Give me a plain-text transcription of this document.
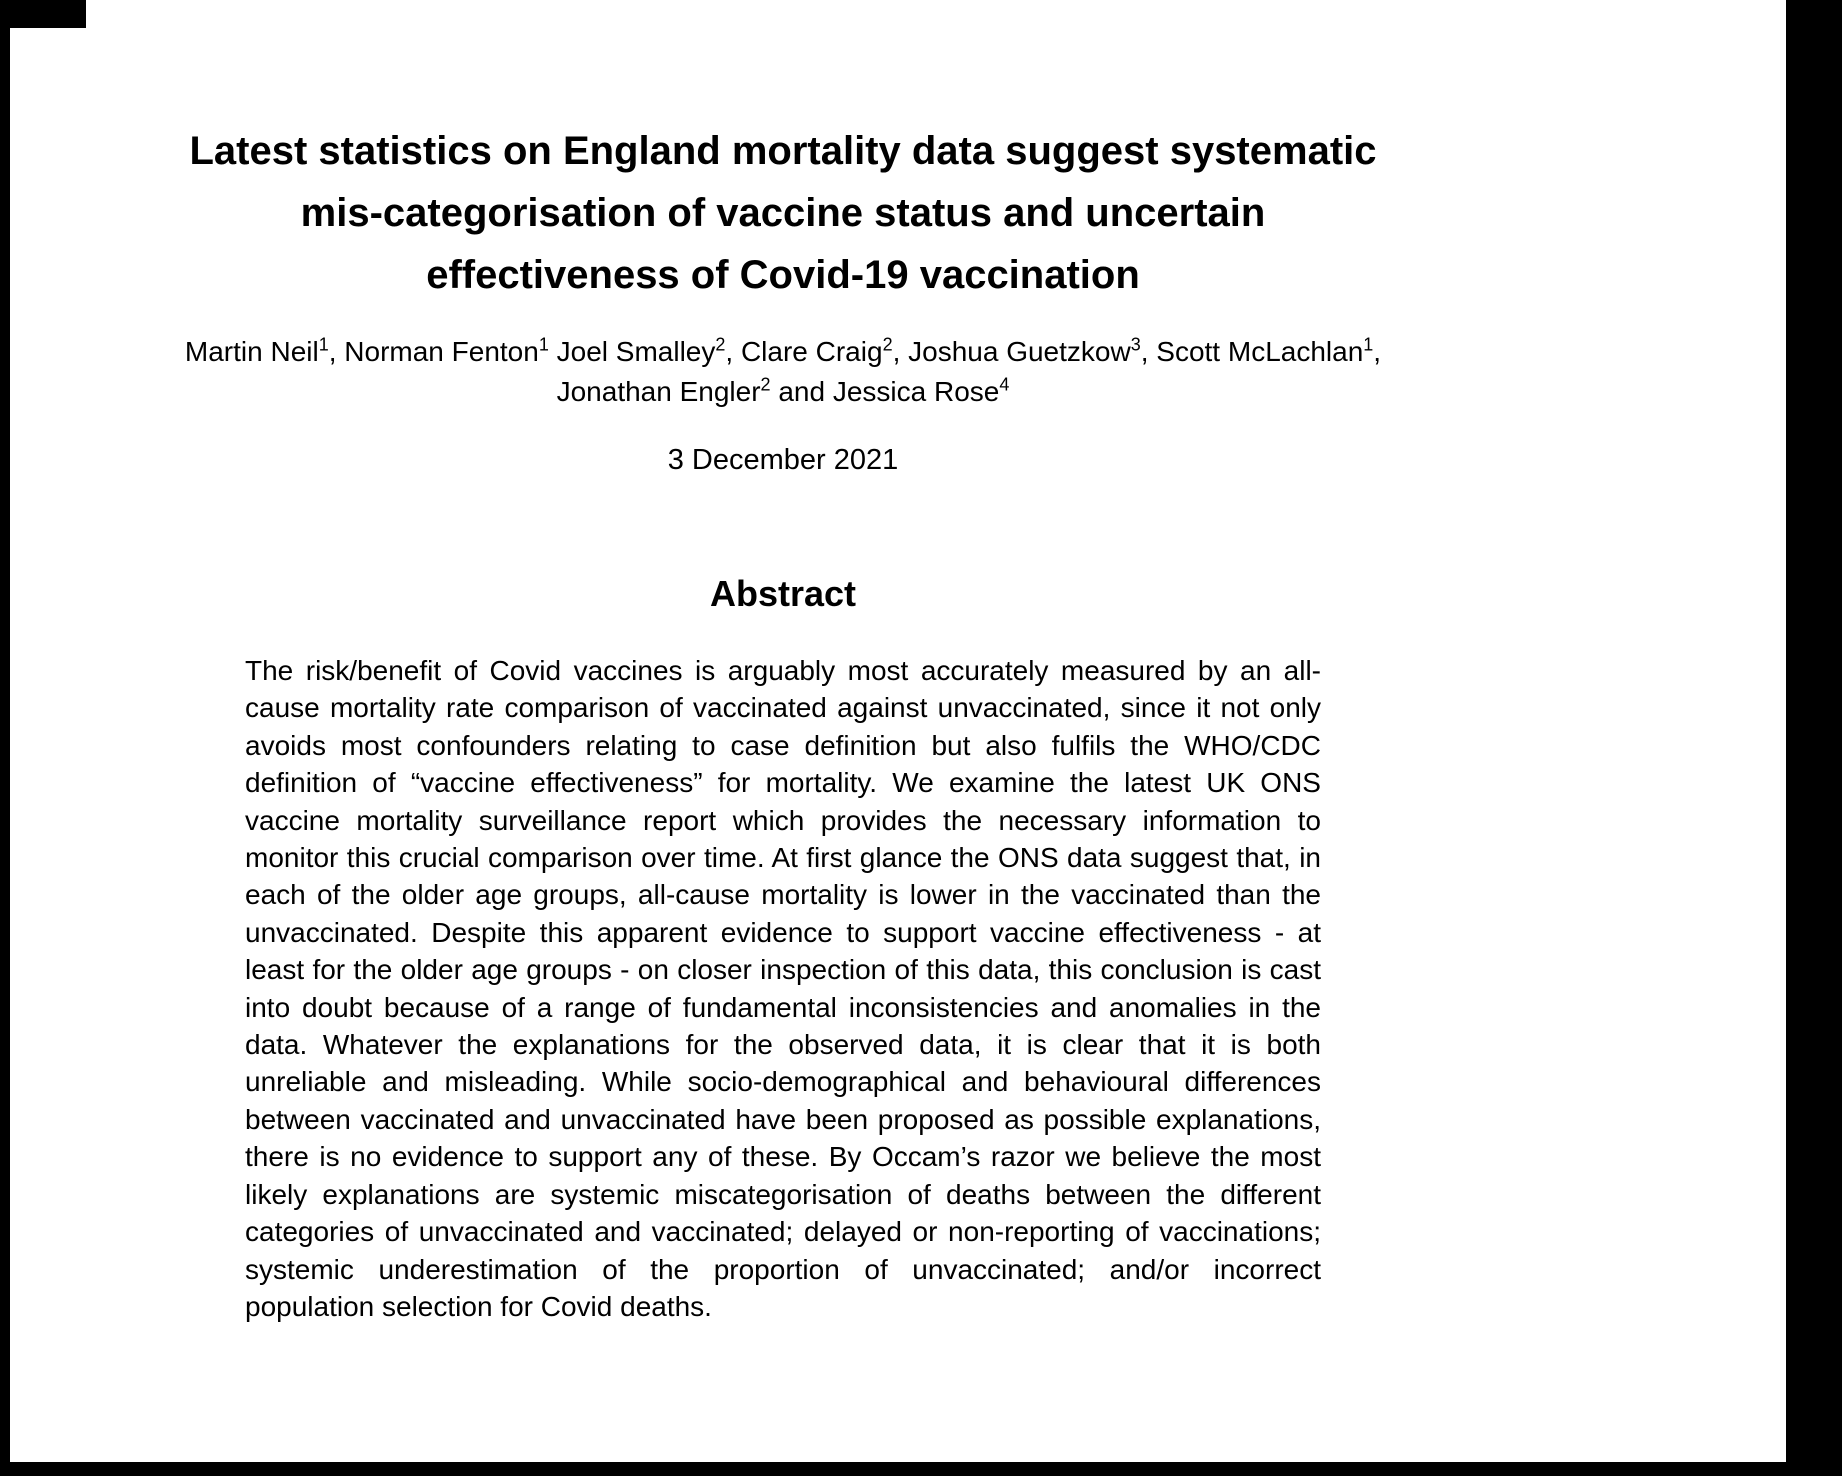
Latest statistics on England mortality data suggest systematic
mis-categorisation of vaccine status and uncertain
effectiveness of Covid-19 vaccination
Martin Neil$^1$, Norman Fenton$^1$ Joel Smalley$^2$, Clare Craig$^2$, Joshua Guetzkow$^3$, Scott McLachlan$^1$, Jonathan Engler$^2$ and Jessica Rose$^4$
3 December 2021
Abstract
The risk/benefit of Covid vaccines is arguably most accurately measured by an all-cause mortality rate comparison of vaccinated against unvaccinated, since it not only avoids most confounders relating to case definition but also fulfils the WHO/CDC definition of “vaccine effectiveness” for mortality. We examine the latest UK ONS vaccine mortality surveillance report which provides the necessary information to monitor this crucial comparison over time. At first glance the ONS data suggest that, in each of the older age groups, all-cause mortality is lower in the vaccinated than the unvaccinated. Despite this apparent evidence to support vaccine effectiveness - at least for the older age groups - on closer inspection of this data, this conclusion is cast into doubt because of a range of fundamental inconsistencies and anomalies in the data. Whatever the explanations for the observed data, it is clear that it is both unreliable and misleading. While socio-demographical and behavioural differences between vaccinated and unvaccinated have been proposed as possible explanations, there is no evidence to support any of these. By Occam’s razor we believe the most likely explanations are systemic miscategorisation of deaths between the different categories of unvaccinated and vaccinated; delayed or non-reporting of vaccinations; systemic underestimation of the proportion of unvaccinated; and/or incorrect population selection for Covid deaths.
